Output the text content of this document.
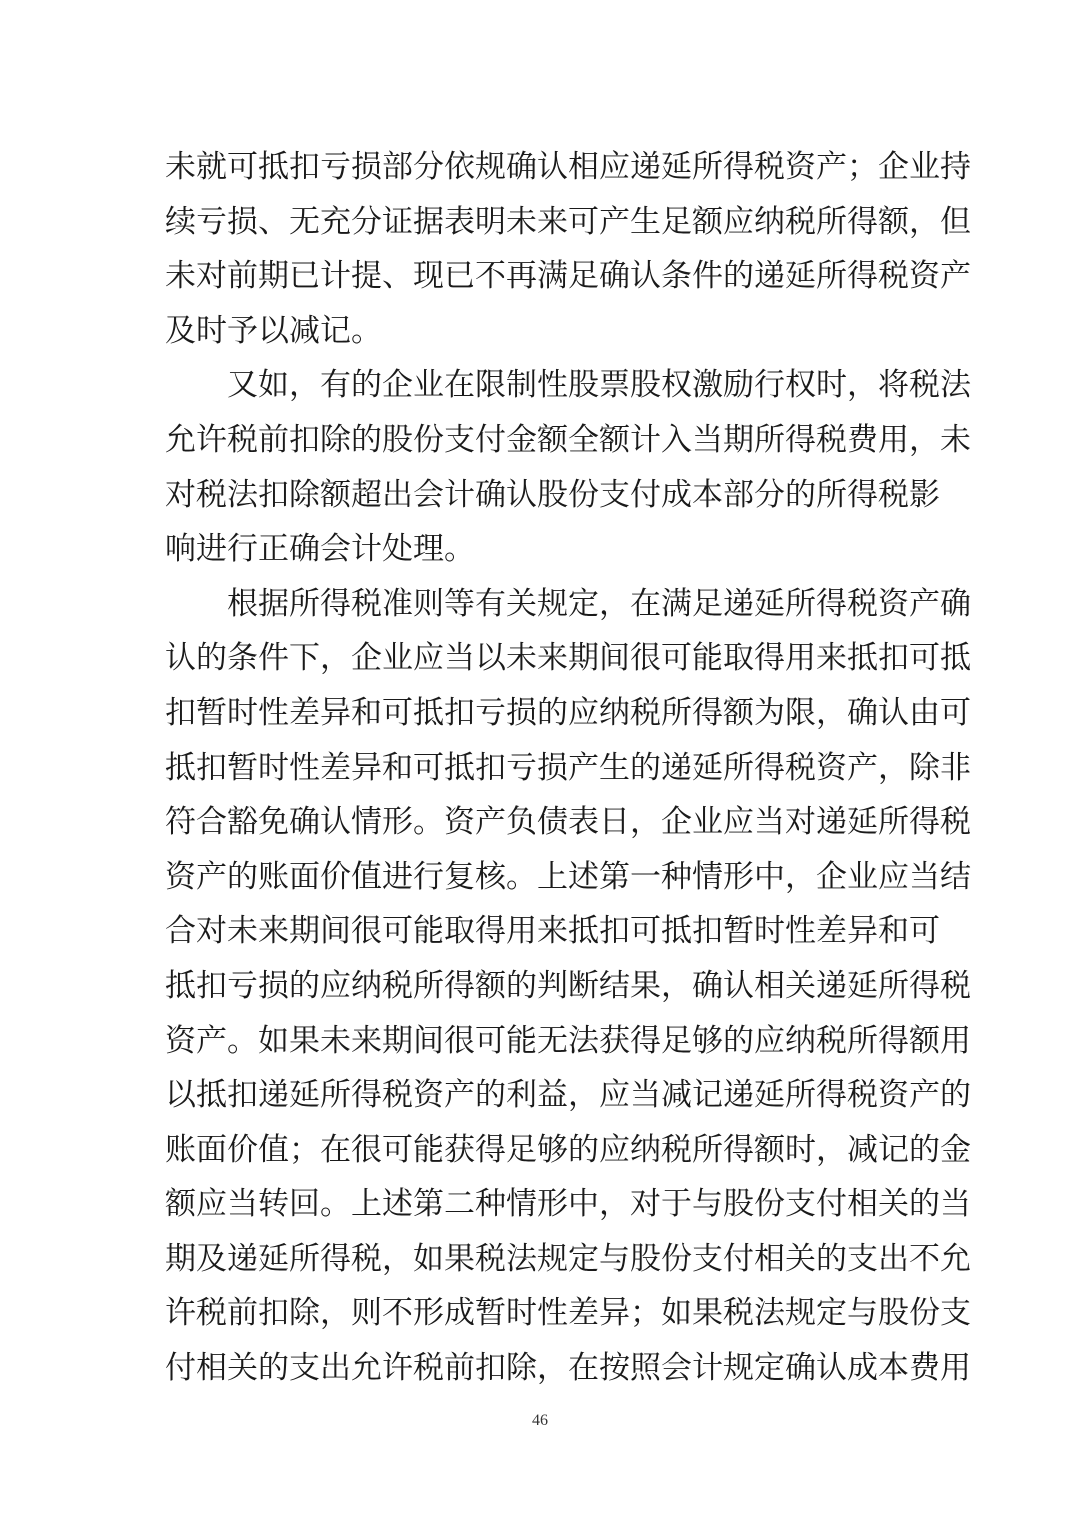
未就可抵扣亏损部分依规确认相应递延所得税资产；企业持
续亏损、无充分证据表明未来可产生足额应纳税所得额，但
未对前期已计提、现已不再满足确认条件的递延所得税资产
及时予以减记。
　　又如，有的企业在限制性股票股权激励行权时，将税法
允许税前扣除的股份支付金额全额计入当期所得税费用，未
对税法扣除额超出会计确认股份支付成本部分的所得税影
响进行正确会计处理。
　　根据所得税准则等有关规定，在满足递延所得税资产确
认的条件下，企业应当以未来期间很可能取得用来抵扣可抵
扣暂时性差异和可抵扣亏损的应纳税所得额为限，确认由可
抵扣暂时性差异和可抵扣亏损产生的递延所得税资产，除非
符合豁免确认情形。资产负债表日，企业应当对递延所得税
资产的账面价值进行复核。上述第一种情形中，企业应当结
合对未来期间很可能取得用来抵扣可抵扣暂时性差异和可
抵扣亏损的应纳税所得额的判断结果，确认相关递延所得税
资产。如果未来期间很可能无法获得足够的应纳税所得额用
以抵扣递延所得税资产的利益，应当减记递延所得税资产的
账面价值；在很可能获得足够的应纳税所得额时，减记的金
额应当转回。上述第二种情形中，对于与股份支付相关的当
期及递延所得税，如果税法规定与股份支付相关的支出不允
许税前扣除，则不形成暂时性差异；如果税法规定与股份支
付相关的支出允许税前扣除，在按照会计规定确认成本费用
46
